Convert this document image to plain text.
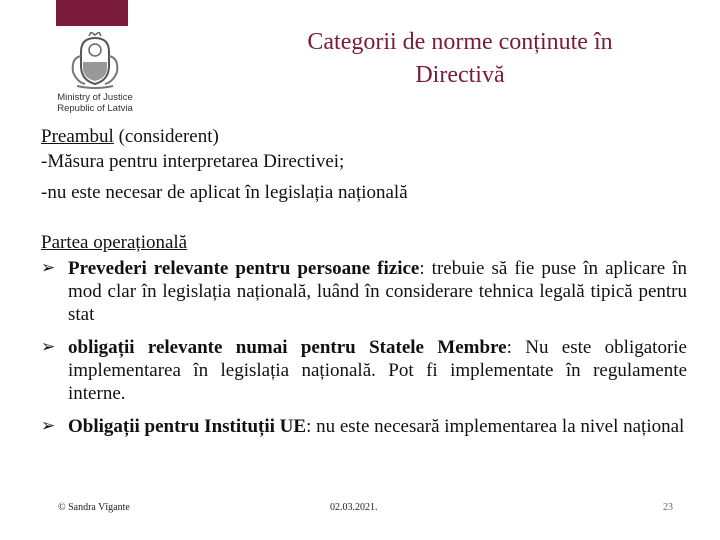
Ministry of Justice
Republic of Latvia
Categorii de norme conținute în
Directivă

Preambul (considerent)

-Măsura pentru interpretarea Directivei;

-nu este necesar de aplicat în legislația națională

Partea operațională

➢ Prevederi relevante pentru persoane fizice: trebuie să fie puse în aplicare în mod clar în legislația națională, luând în considerare tehnica legală tipică pentru stat
➢ obligații relevante numai pentru Statele Membre: Nu este obligatorie implementarea în legislația națională. Pot fi implementate în regulamente interne.
➢ Obligații pentru Instituții UE: nu este necesară implementarea la nivel național
© Sandra Vīgante	02.03.2021.	23
